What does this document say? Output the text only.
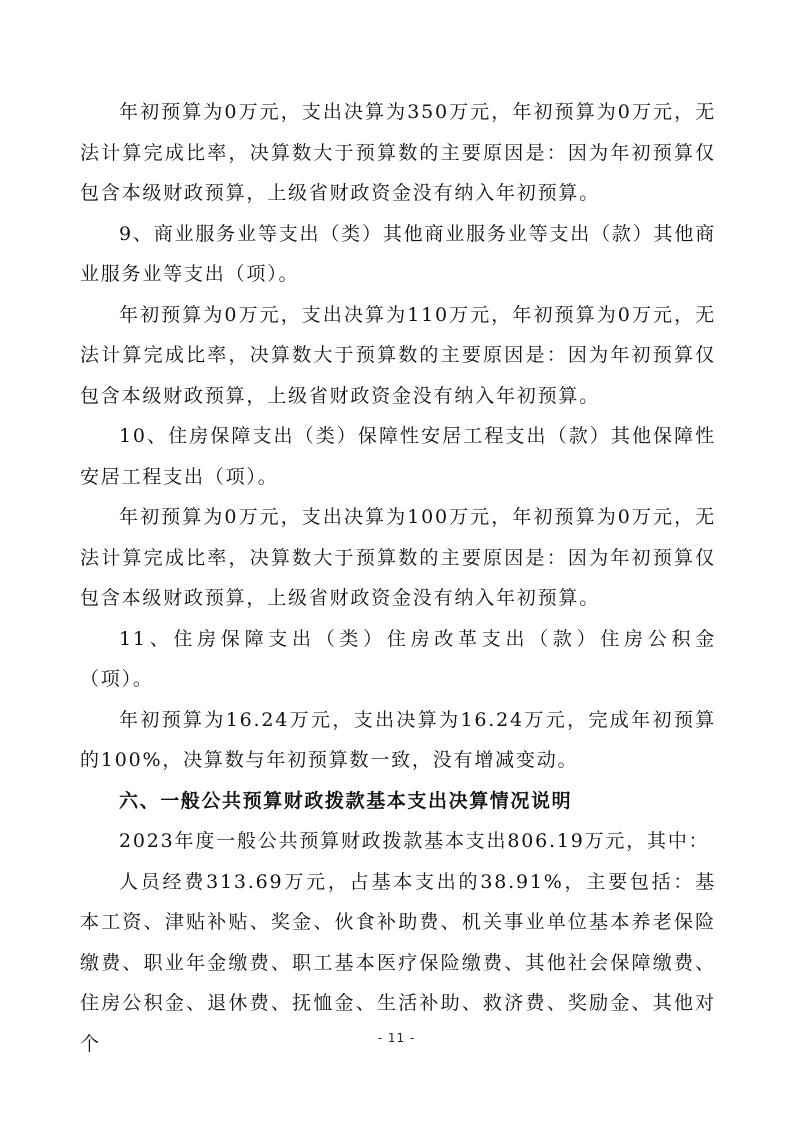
年初预算为0万元，支出决算为350万元，年初预算为0万元，无法计算完成比率，决算数大于预算数的主要原因是：因为年初预算仅包含本级财政预算，上级省财政资金没有纳入年初预算。

9、商业服务业等支出（类）其他商业服务业等支出（款）其他商业服务业等支出（项）。

年初预算为0万元，支出决算为110万元，年初预算为0万元，无法计算完成比率，决算数大于预算数的主要原因是：因为年初预算仅包含本级财政预算，上级省财政资金没有纳入年初预算。

10、住房保障支出（类）保障性安居工程支出（款）其他保障性安居工程支出（项）。

年初预算为0万元，支出决算为100万元，年初预算为0万元，无法计算完成比率，决算数大于预算数的主要原因是：因为年初预算仅包含本级财政预算，上级省财政资金没有纳入年初预算。

11、住房保障支出（类）住房改革支出（款）住房公积金（项）。

年初预算为16.24万元，支出决算为16.24万元，完成年初预算的100%，决算数与年初预算数一致，没有增减变动。

六、一般公共预算财政拨款基本支出决算情况说明

2023年度一般公共预算财政拨款基本支出806.19万元，其中：

人员经费313.69万元，占基本支出的38.91%，主要包括：基本工资、津贴补贴、奖金、伙食补助费、机关事业单位基本养老保险缴费、职业年金缴费、职工基本医疗保险缴费、其他社会保障缴费、住房公积金、退休费、抚恤金、生活补助、救济费、奖励金、其他对个	- 11 -
